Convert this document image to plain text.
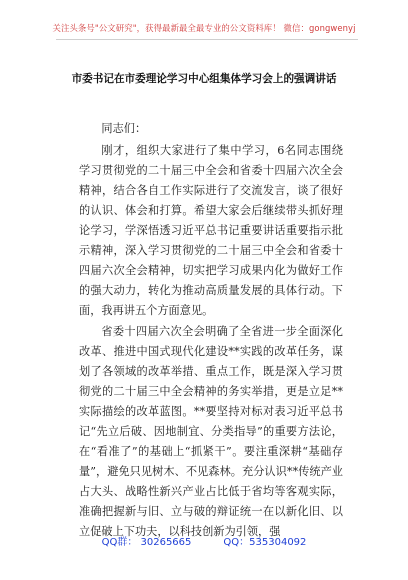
关注头条号"公文研究"，获得最新最全最专业的公文资料库！ 微信：gongwenyj
市委书记在市委理论学习中心组集体学习会上的强调讲话

同志们：

刚才，组织大家进行了集中学习，6名同志围绕学习贯彻党的二十届三中全会和省委十四届六次全会精神，结合各自工作实际进行了交流发言，谈了很好的认识、体会和打算。希望大家会后继续带头抓好理论学习，学深悟透习近平总书记重要讲话重要指示批示精神，深入学习贯彻党的二十届三中全会和省委十四届六次全会精神，切实把学习成果内化为做好工作的强大动力，转化为推动高质量发展的具体行动。下面，我再讲五个方面意见。

省委十四届六次全会明确了全省进一步全面深化改革、推进中国式现代化建设**实践的改革任务，谋划了各领域的改革举措、重点工作，既是深入学习贯彻党的二十届三中全会精神的务实举措，更是立足**实际描绘的改革蓝图。**要坚持对标对表习近平总书记“先立后破、因地制宜、分类指导”的重要方法论，在“看准了”的基础上“抓紧干”。要注重深耕“基础存量”，避免只见树木、不见森林。充分认识**传统产业占大头、战略性新兴产业占比低于省均等客观实际，准确把握新与旧、立与破的辩证统一在以新化旧、以立促破上下功夫，以科技创新为引领，强

QQ群： 30265665	QQ：535304092
